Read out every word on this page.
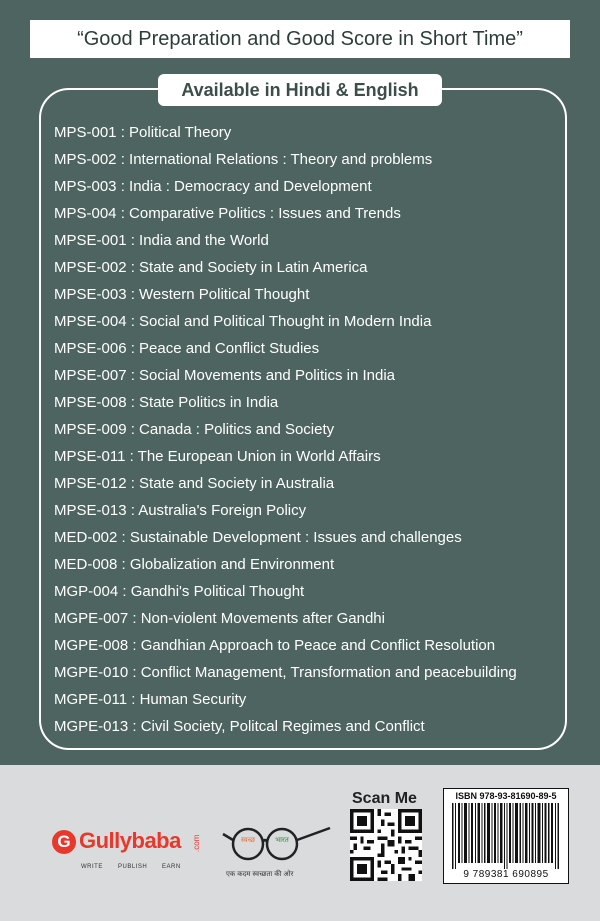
“Good Preparation and Good Score in Short Time”
Available in Hindi & English
MPS-001 : Political Theory
MPS-002 : International Relations : Theory and problems
MPS-003 : India : Democracy and Development
MPS-004 : Comparative Politics : Issues and Trends
MPSE-001 : India and the World
MPSE-002 : State and Society in Latin America
MPSE-003 : Western Political Thought
MPSE-004 : Social and Political Thought in Modern India
MPSE-006 : Peace and Conflict Studies
MPSE-007 : Social Movements and Politics in India
MPSE-008 : State Politics in India
MPSE-009 : Canada : Politics and Society
MPSE-011 : The European Union in World Affairs
MPSE-012 : State and Society in Australia
MPSE-013 : Australia's Foreign Policy
MED-002 : Sustainable Development : Issues and challenges
MED-008 : Globalization and Environment
MGP-004 : Gandhi's Political Thought
MGPE-007 : Non-violent Movements after Gandhi
MGPE-008 : Gandhian Approach to Peace and Conflict Resolution
MGPE-010 : Conflict Management, Transformation and peacebuilding
MGPE-011 : Human Security
MGPE-013 : Civil Society, Politcal Regimes and Conflict
G Gullybaba .com
WRITE	PUBLISH EARN
स्वच्छ	भारत
एक कदम स्वच्छता की ओर
Scan Me	ISBN 978-93-81690-89-5
9 789381 690895
